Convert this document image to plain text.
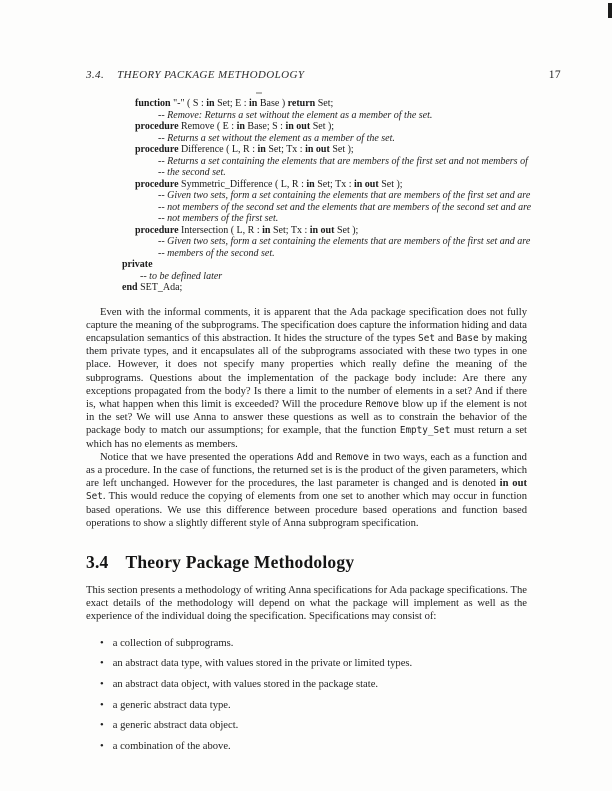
3.4. THEORY PACKAGE METHODOLOGY	17
function "-" ( S : in Set; E : in Base ) return Set;
-- Remove: Returns a set without the element as a member of the set.
procedure Remove ( E : in Base; S : in out Set );
-- Returns a set without the element as a member of the set.
procedure Difference ( L, R : in Set; Tx : in out Set );
-- Returns a set containing the elements that are members of the first set and not members of
-- the second set.
procedure Symmetric_Difference ( L, R : in Set; Tx : in out Set );
-- Given two sets, form a set containing the elements that are members of the first set and are
-- not members of the second set and the elements that are members of the second set and are
-- not members of the first set.
procedure Intersection ( L, R : in Set; Tx : in out Set );
-- Given two sets, form a set containing the elements that are members of the first set and are
-- members of the second set.
private
-- to be defined later
end SET_Ada;

Even with the informal comments, it is apparent that the Ada package specification does not fully capture the meaning of the subprograms. The specification does capture the information hiding and data encapsulation semantics of this abstraction. It hides the structure of the types Set and Base by making them private types, and it encapsulates all of the subprograms associated with these two types in one place. However, it does not specify many properties which really define the meaning of the subprograms. Questions about the implementation of the package body include: Are there any exceptions propagated from the body? Is there a limit to the number of elements in a set? And if there is, what happen when this limit is exceeded? Will the procedure Remove blow up if the element is not in the set? We will use Anna to answer these questions as well as to constrain the behavior of the package body to match our assumptions; for example, that the function Empty_Set must return a set which has no elements as members.

Notice that we have presented the operations Add and Remove in two ways, each as a function and as a procedure. In the case of functions, the returned set is is the product of the given parameters, which are left unchanged. However for the procedures, the last parameter is changed and is denoted in out Set. This would reduce the copying of elements from one set to another which may occur in function based operations. We use this difference between procedure based operations and function based operations to show a slightly different style of Anna subprogram specification.

3.4 Theory Package Methodology

This section presents a methodology of writing Anna specifications for Ada package specifications. The exact details of the methodology will depend on what the package will implement as well as the experience of the individual doing the specification. Specifications may consist of:

• a collection of subprograms.
• an abstract data type, with values stored in the private or limited types.
• an abstract data object, with values stored in the package state.
• a generic abstract data type.
• a generic abstract data object.
• a combination of the above.
